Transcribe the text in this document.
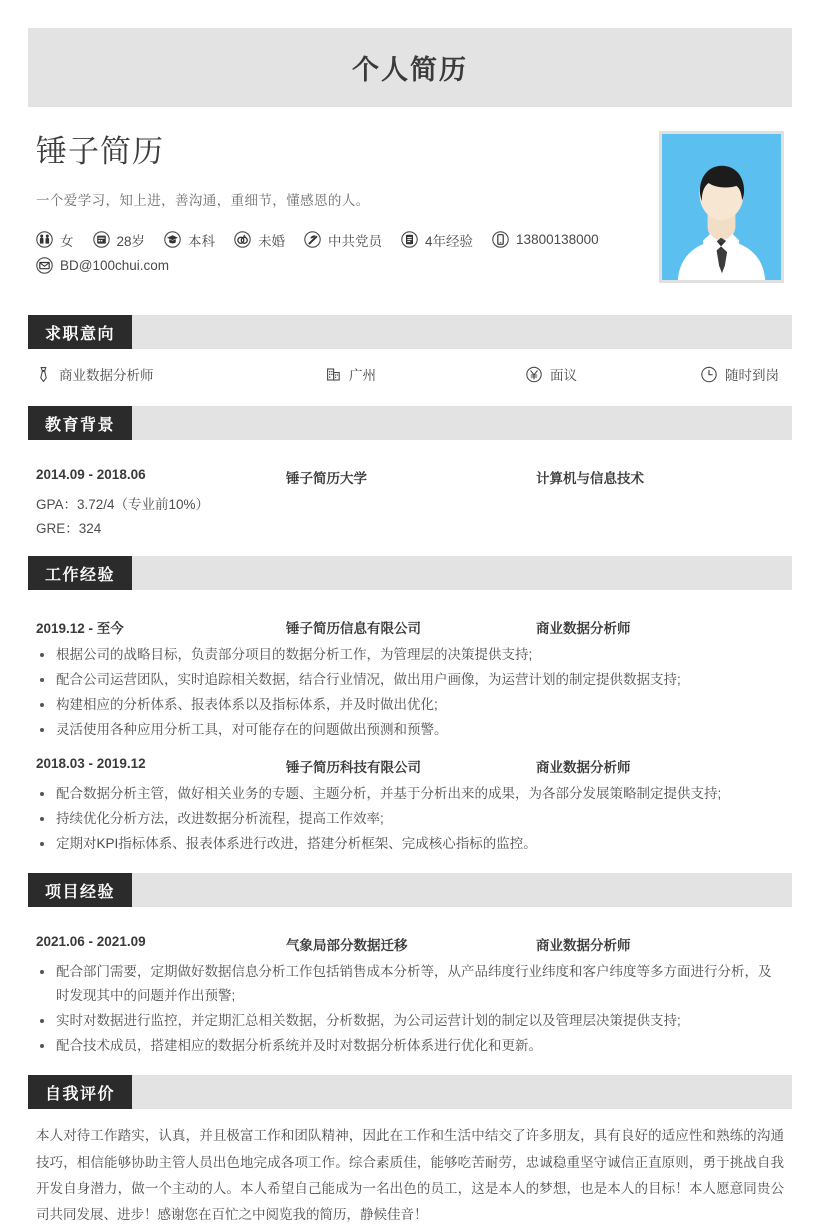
个人简历
锤子简历
一个爱学习，知上进，善沟通，重细节，懂感恩的人。
女	28岁	本科	未婚	中共党员	4年经验	13800138000
BD@100chui.com
求职意向
商业数据分析师	广州	面议	随时到岗
教育背景
2014.09 - 2018.06	锤子简历大学	计算机与信息技术
GPA：3.72/4（专业前10%）
GRE：324
工作经验
2019.12 - 至今	锤子简历信息有限公司	商业数据分析师
根据公司的战略目标，负责部分项目的数据分析工作，为管理层的决策提供支持;
配合公司运营团队，实时追踪相关数据，结合行业情况，做出用户画像，为运营计划的制定提供数据支持;
构建相应的分析体系、报表体系以及指标体系，并及时做出优化;
灵活使用各种应用分析工具，对可能存在的问题做出预测和预警。
2018.03 - 2019.12	锤子简历科技有限公司	商业数据分析师
配合数据分析主管，做好相关业务的专题、主题分析，并基于分析出来的成果，为各部分发展策略制定提供支持;
持续优化分析方法，改进数据分析流程，提高工作效率;
定期对KPI指标体系、报表体系进行改进，搭建分析框架、完成核心指标的监控。
项目经验
2021.06 - 2021.09	气象局部分数据迁移	商业数据分析师
配合部门需要，定期做好数据信息分析工作包括销售成本分析等，从产品纬度行业纬度和客户纬度等多方面进行分析，及时发现其中的问题并作出预警;
实时对数据进行监控，并定期汇总相关数据，分析数据，为公司运营计划的制定以及管理层决策提供支持;
配合技术成员，搭建相应的数据分析系统并及时对数据分析体系进行优化和更新。
自我评价
本人对待工作踏实，认真，并且极富工作和团队精神，因此在工作和生活中结交了许多朋友，具有良好的适应性和熟练的沟通技巧，相信能够协助主管人员出色地完成各项工作。综合素质佳，能够吃苦耐劳，忠诚稳重坚守诚信正直原则，勇于挑战自我开发自身潜力，做一个主动的人。本人希望自己能成为一名出色的员工，这是本人的梦想，也是本人的目标！本人愿意同贵公司共同发展、进步！感谢您在百忙之中阅览我的简历，静候佳音！
